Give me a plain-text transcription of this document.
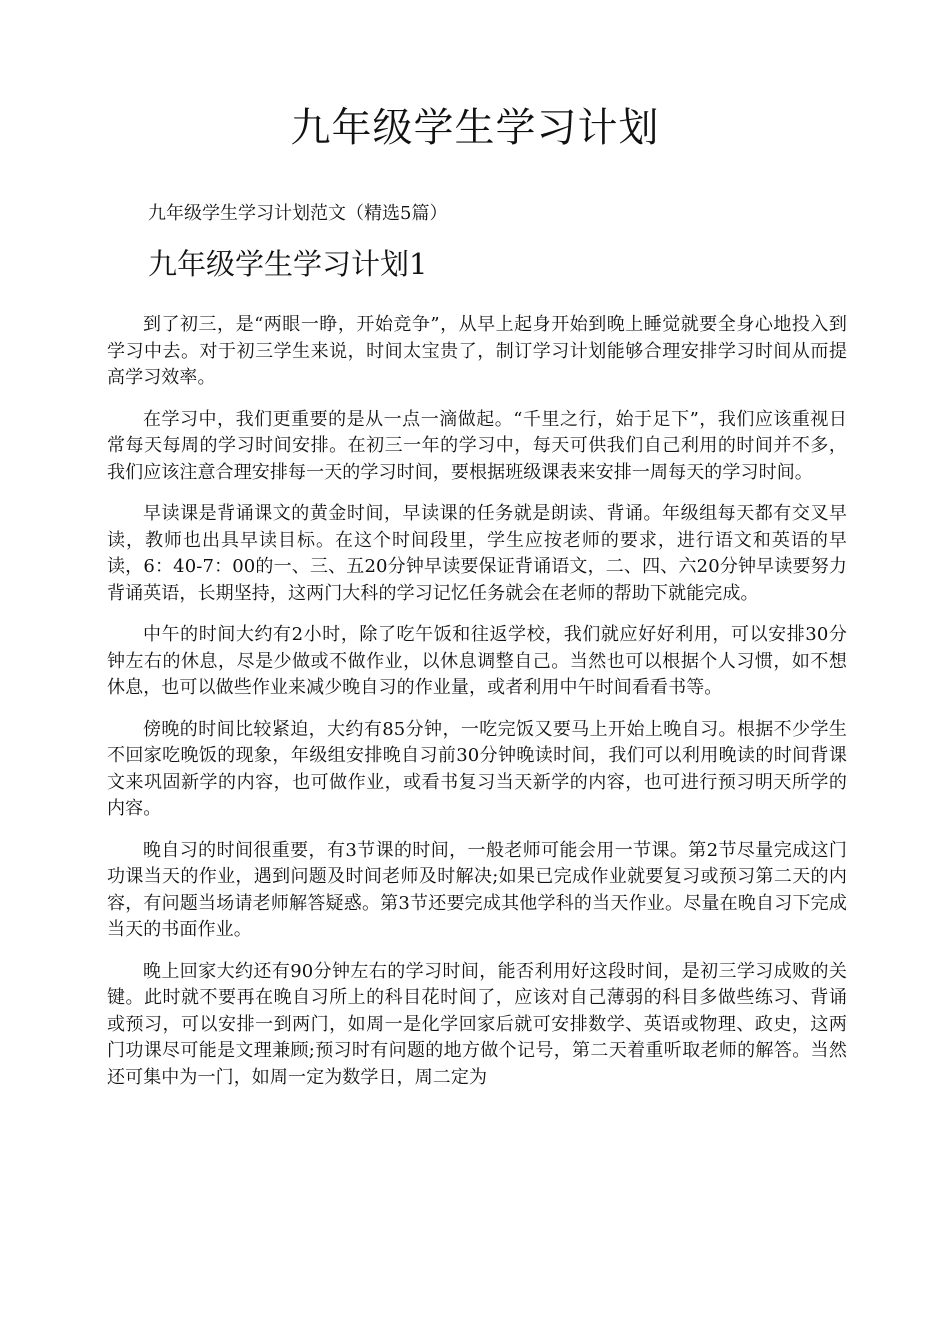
九年级学生学习计划

九年级学生学习计划范文（精选5篇）

九年级学生学习计划1

到了初三，是“两眼一睁，开始竞争”，从早上起身开始到晚上睡觉就要全身心地投入到学习中去。对于初三学生来说，时间太宝贵了，制订学习计划能够合理安排学习时间从而提高学习效率。

在学习中，我们更重要的是从一点一滴做起。“千里之行，始于足下”，我们应该重视日常每天每周的学习时间安排。在初三一年的学习中，每天可供我们自己利用的时间并不多，我们应该注意合理安排每一天的学习时间，要根据班级课表来安排一周每天的学习时间。

早读课是背诵课文的黄金时间，早读课的任务就是朗读、背诵。年级组每天都有交叉早读，教师也出具早读目标。在这个时间段里，学生应按老师的要求，进行语文和英语的早读，6：40-7：00的一、三、五20分钟早读要保证背诵语文，二、四、六20分钟早读要努力背诵英语，长期坚持，这两门大科的学习记忆任务就会在老师的帮助下就能完成。

中午的时间大约有2小时，除了吃午饭和往返学校，我们就应好好利用，可以安排30分钟左右的休息，尽是少做或不做作业，以休息调整自己。当然也可以根据个人习惯，如不想休息，也可以做些作业来减少晚自习的作业量，或者利用中午时间看看书等。

傍晚的时间比较紧迫，大约有85分钟，一吃完饭又要马上开始上晚自习。根据不少学生不回家吃晚饭的现象，年级组安排晚自习前30分钟晚读时间，我们可以利用晚读的时间背课文来巩固新学的内容，也可做作业，或看书复习当天新学的内容，也可进行预习明天所学的内容。

晚自习的时间很重要，有3节课的时间，一般老师可能会用一节课。第2节尽量完成这门功课当天的作业，遇到问题及时间老师及时解决;如果已完成作业就要复习或预习第二天的内容，有问题当场请老师解答疑惑。第3节还要完成其他学科的当天作业。尽量在晚自习下完成当天的书面作业。

晚上回家大约还有90分钟左右的学习时间，能否利用好这段时间，是初三学习成败的关键。此时就不要再在晚自习所上的科目花时间了，应该对自己薄弱的科目多做些练习、背诵或预习，可以安排一到两门，如周一是化学回家后就可安排数学、英语或物理、政史，这两门功课尽可能是文理兼顾;预习时有问题的地方做个记号，第二天着重听取老师的解答。当然还可集中为一门，如周一定为数学日，周二定为
